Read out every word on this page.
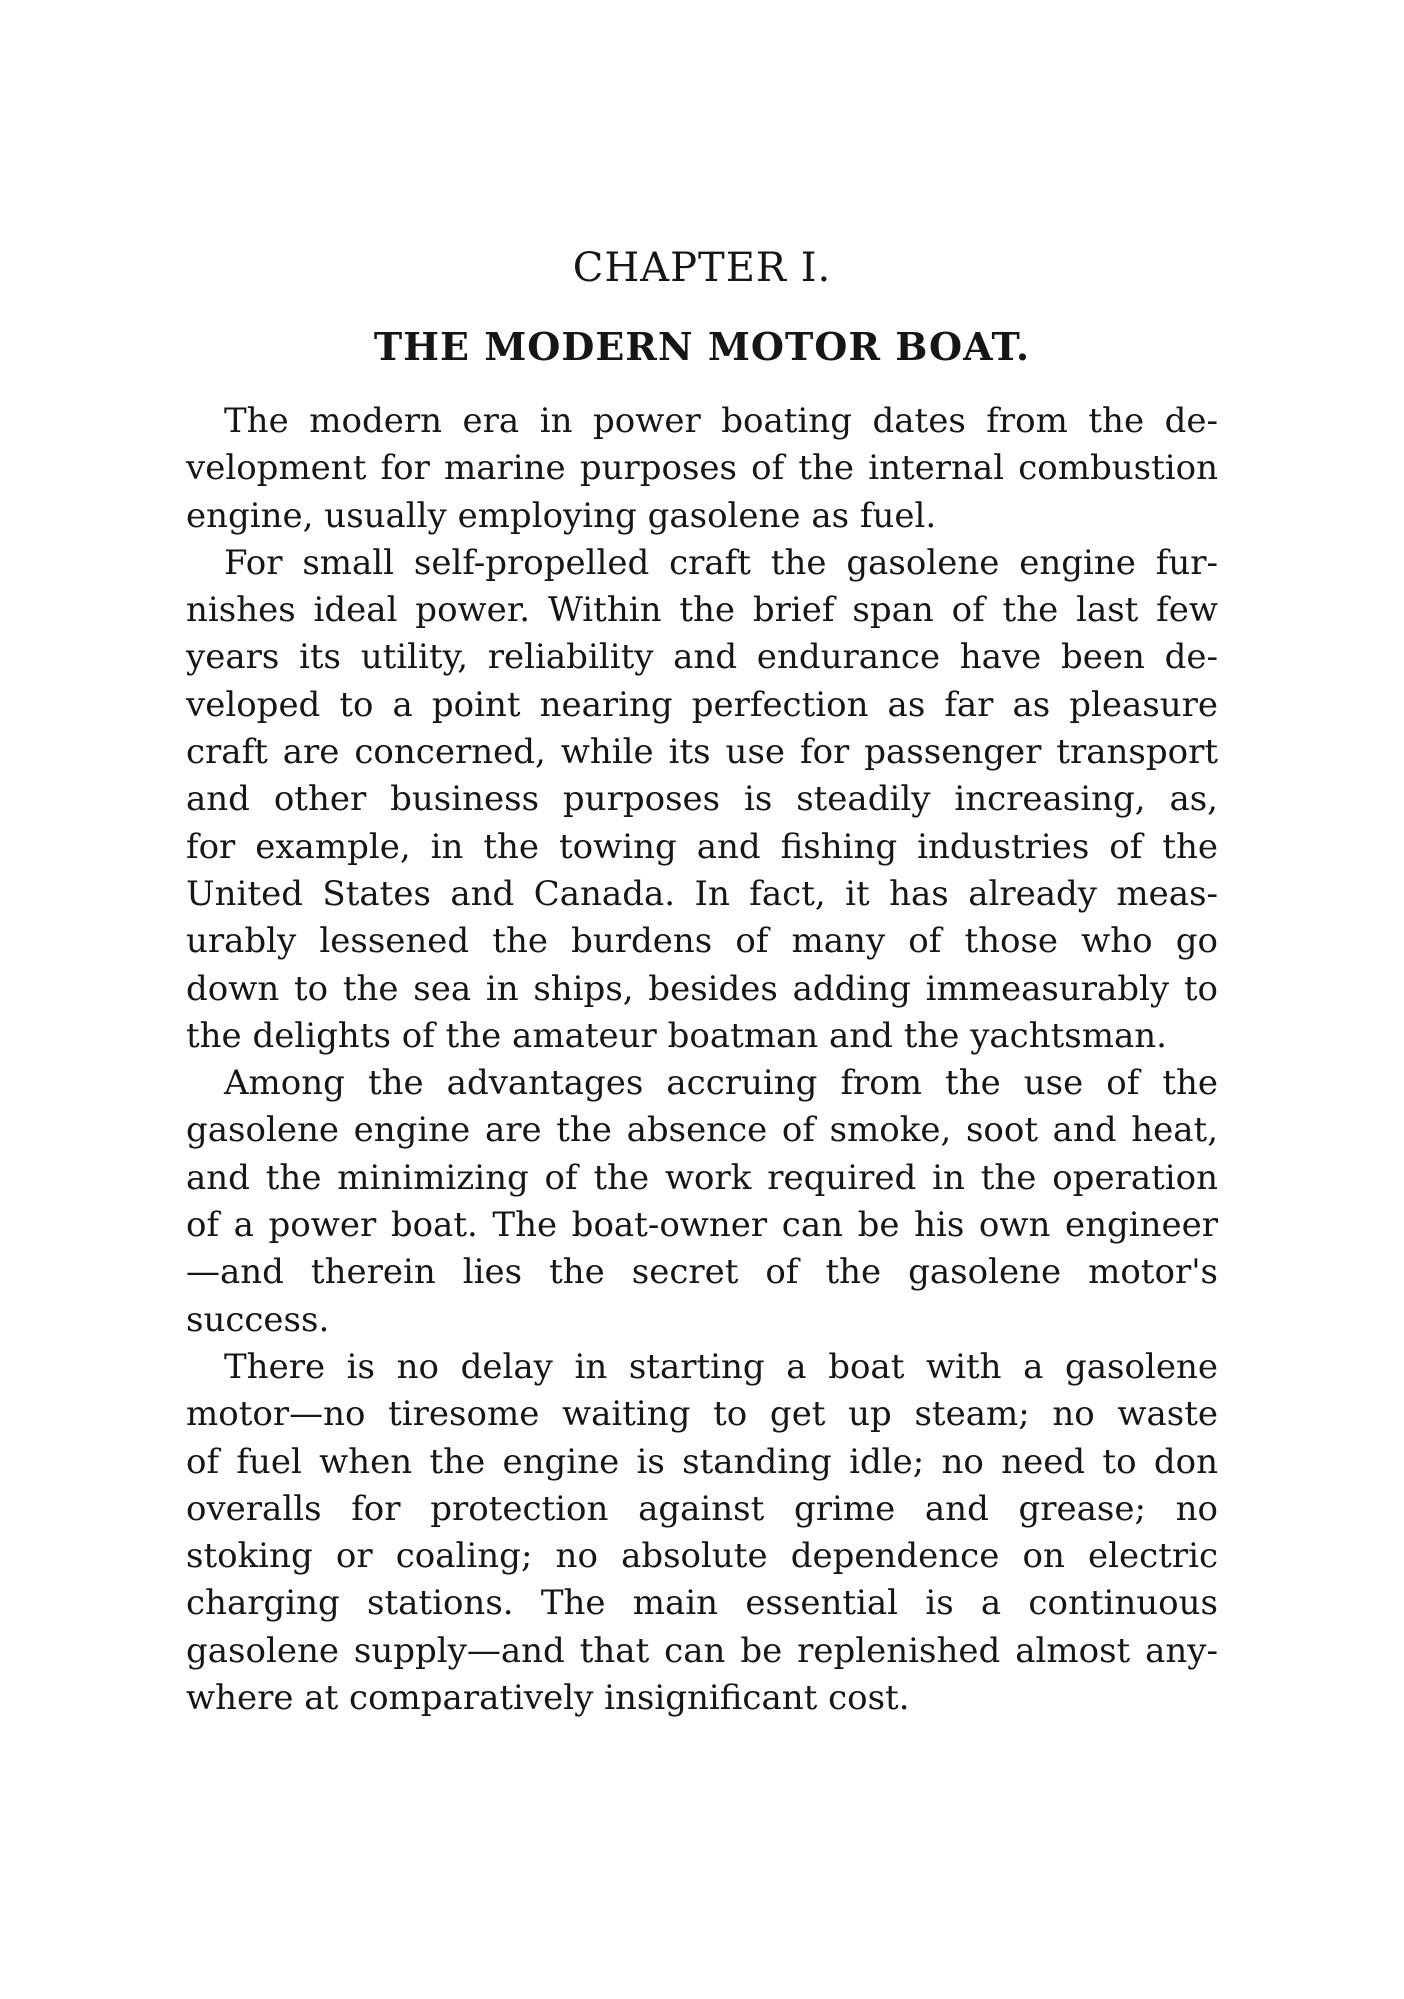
CHAPTER I.
THE MODERN MOTOR BOAT.

The modern era in power boating dates from the de-
velopment for marine purposes of the internal combustion
engine, usually employing gasolene as fuel.

For small self-propelled craft the gasolene engine fur-
nishes ideal power. Within the brief span of the last few
years its utility, reliability and endurance have been de-
veloped to a point nearing perfection as far as pleasure
craft are concerned, while its use for passenger transport
and other business purposes is steadily increasing, as,
for example, in the towing and fishing industries of the
United States and Canada. In fact, it has already meas-
urably lessened the burdens of many of those who go
down to the sea in ships, besides adding immeasurably to
the delights of the amateur boatman and the yachtsman.

Among the advantages accruing from the use of the
gasolene engine are the absence of smoke, soot and heat,
and the minimizing of the work required in the operation
of a power boat. The boat-owner can be his own engineer
—and therein lies the secret of the gasolene motor's
success.

There is no delay in starting a boat with a gasolene
motor—no tiresome waiting to get up steam; no waste
of fuel when the engine is standing idle; no need to don
overalls for protection against grime and grease; no
stoking or coaling; no absolute dependence on electric
charging stations. The main essential is a continuous
gasolene supply—and that can be replenished almost any-
where at comparatively insignificant cost.
